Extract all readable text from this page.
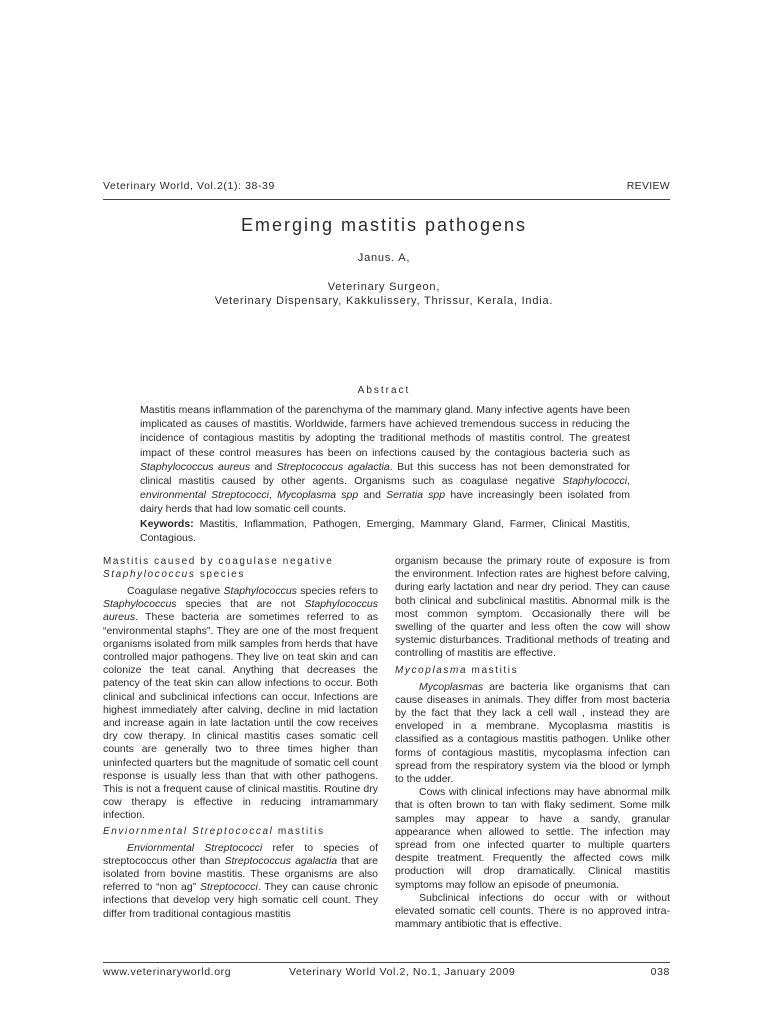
Veterinary World, Vol.2(1): 38-39	REVIEW
Emerging mastitis pathogens
Janus. A,
Veterinary Surgeon,
Veterinary Dispensary, Kakkulissery, Thrissur, Kerala, India.
Abstract
Mastitis means inflammation of the parenchyma of the mammary gland. Many infective agents have been implicated as causes of mastitis. Worldwide, farmers have achieved tremendous success in reducing the incidence of contagious mastitis by adopting the traditional methods of mastitis control. The greatest impact of these control measures has been on infections caused by the contagious bacteria such as Staphylococcus aureus and Streptococcus agalactia. But this success has not been demonstrated for clinical mastitis caused by other agents. Organisms such as coagulase negative Staphylococci, environmental Streptococci, Mycoplasma spp and Serratia spp have increasingly been isolated from dairy herds that had low somatic cell counts.
Keywords: Mastitis, Inflammation, Pathogen, Emerging, Mammary Gland, Farmer, Clinical Mastitis, Contagious.
Mastitis caused by coagulase negative
Staphylococcus species

Coagulase negative Staphylococcus species refers to Staphylococcus species that are not Staphylococcus aureus. These bacteria are sometimes referred to as “environmental staphs”. They are one of the most frequent organisms isolated from milk samples from herds that have controlled major pathogens. They live on teat skin and can colonize the teat canal. Anything that decreases the patency of the teat skin can allow infections to occur. Both clinical and subclinical infections can occur. Infections are highest immediately after calving, decline in mid lactation and increase again in late lactation until the cow receives dry cow therapy. In clinical mastitis cases somatic cell counts are generally two to three times higher than uninfected quarters but the magnitude of somatic cell count response is usually less than that with other pathogens. This is not a frequent cause of clinical mastitis. Routine dry cow therapy is effective in reducing intramammary infection.

Enviornmental Streptococcal mastitis

Enviornmental Streptococci refer to species of streptococcus other than Streptococcus agalactia that are isolated from bovine mastitis. These organisms are also referred to “non ag” Streptococci. They can cause chronic infections that develop very high somatic cell count. They differ from traditional contagious mastitis

organism because the primary route of exposure is from the environment. Infection rates are highest before calving, during early lactation and near dry period. They can cause both clinical and subclinical mastitis. Abnormal milk is the most common symptom. Occasionally there will be swelling of the quarter and less often the cow will show systemic disturbances. Traditional methods of treating and controlling of mastitis are effective.

Mycoplasma mastitis

Mycoplasmas are bacteria like organisms that can cause diseases in animals. They differ from most bacteria by the fact that they lack a cell wall , instead they are enveloped in a membrane. Mycoplasma mastitis is classified as a contagious mastitis pathogen. Unlike other forms of contagious mastitis, mycoplasma infection can spread from the respiratory system via the blood or lymph to the udder.

Cows with clinical infections may have abnormal milk that is often brown to tan with flaky sediment. Some milk samples may appear to have a sandy, granular appearance when allowed to settle. The infection may spread from one infected quarter to multiple quarters despite treatment. Frequently the affected cows milk production will drop dramatically. Clinical mastitis symptoms may follow an episode of pneumonia.

Subclinical infections do occur with or without elevated somatic cell counts. There is no approved intra-mammary antibiotic that is effective.

www.veterinaryworld.org	Veterinary World Vol.2, No.1, January 2009	038
